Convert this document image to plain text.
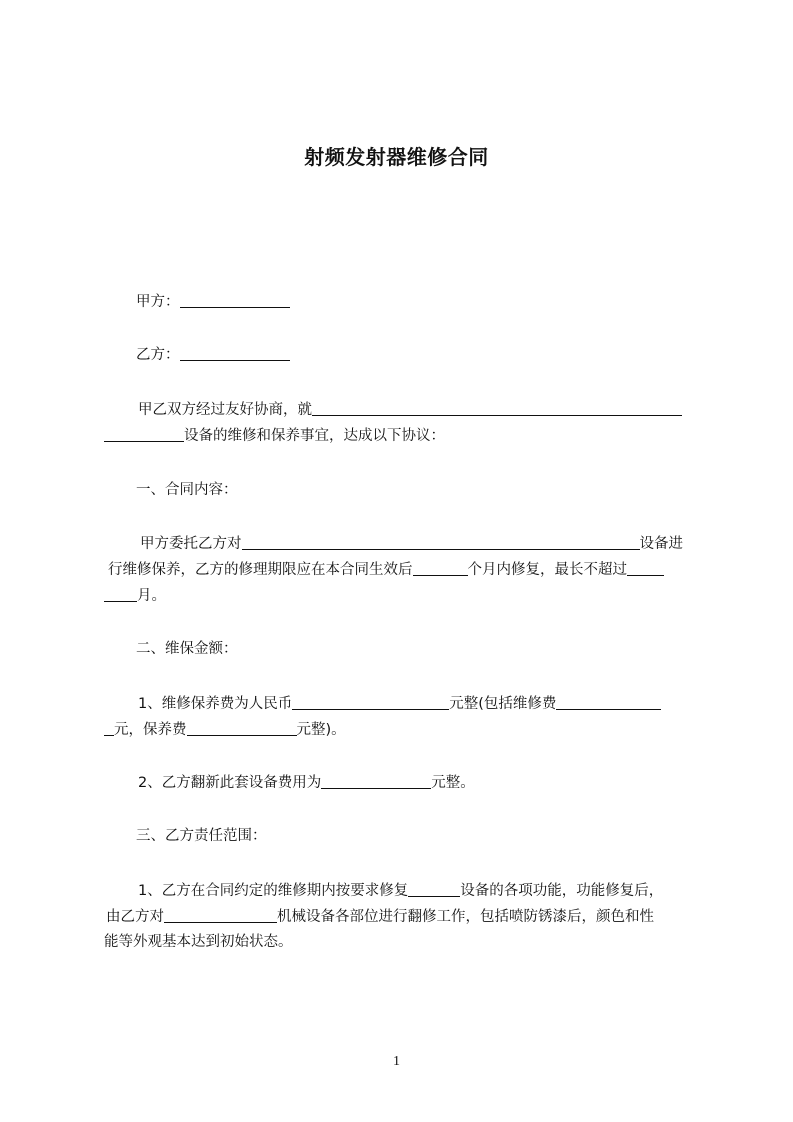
射频发射器维修合同
甲方：
乙方：
甲乙双方经过友好协商，就
设备的维修和保养事宜，达成以下协议：
一、合同内容：
甲方委托乙方对	设备进
行维修保养，乙方的修理期限应在本合同生效后	个月内修复，最长不超过
月。
二、维保金额：
1、维修保养费为人民币	元整(包括维修费
元，保养费	元整)。
2、乙方翻新此套设备费用为	元整。
三、乙方责任范围：
1、乙方在合同约定的维修期内按要求修复	设备的各项功能，功能修复后，
由乙方对	机械设备各部位进行翻修工作，包括喷防锈漆后，颜色和性
能等外观基本达到初始状态。
1
